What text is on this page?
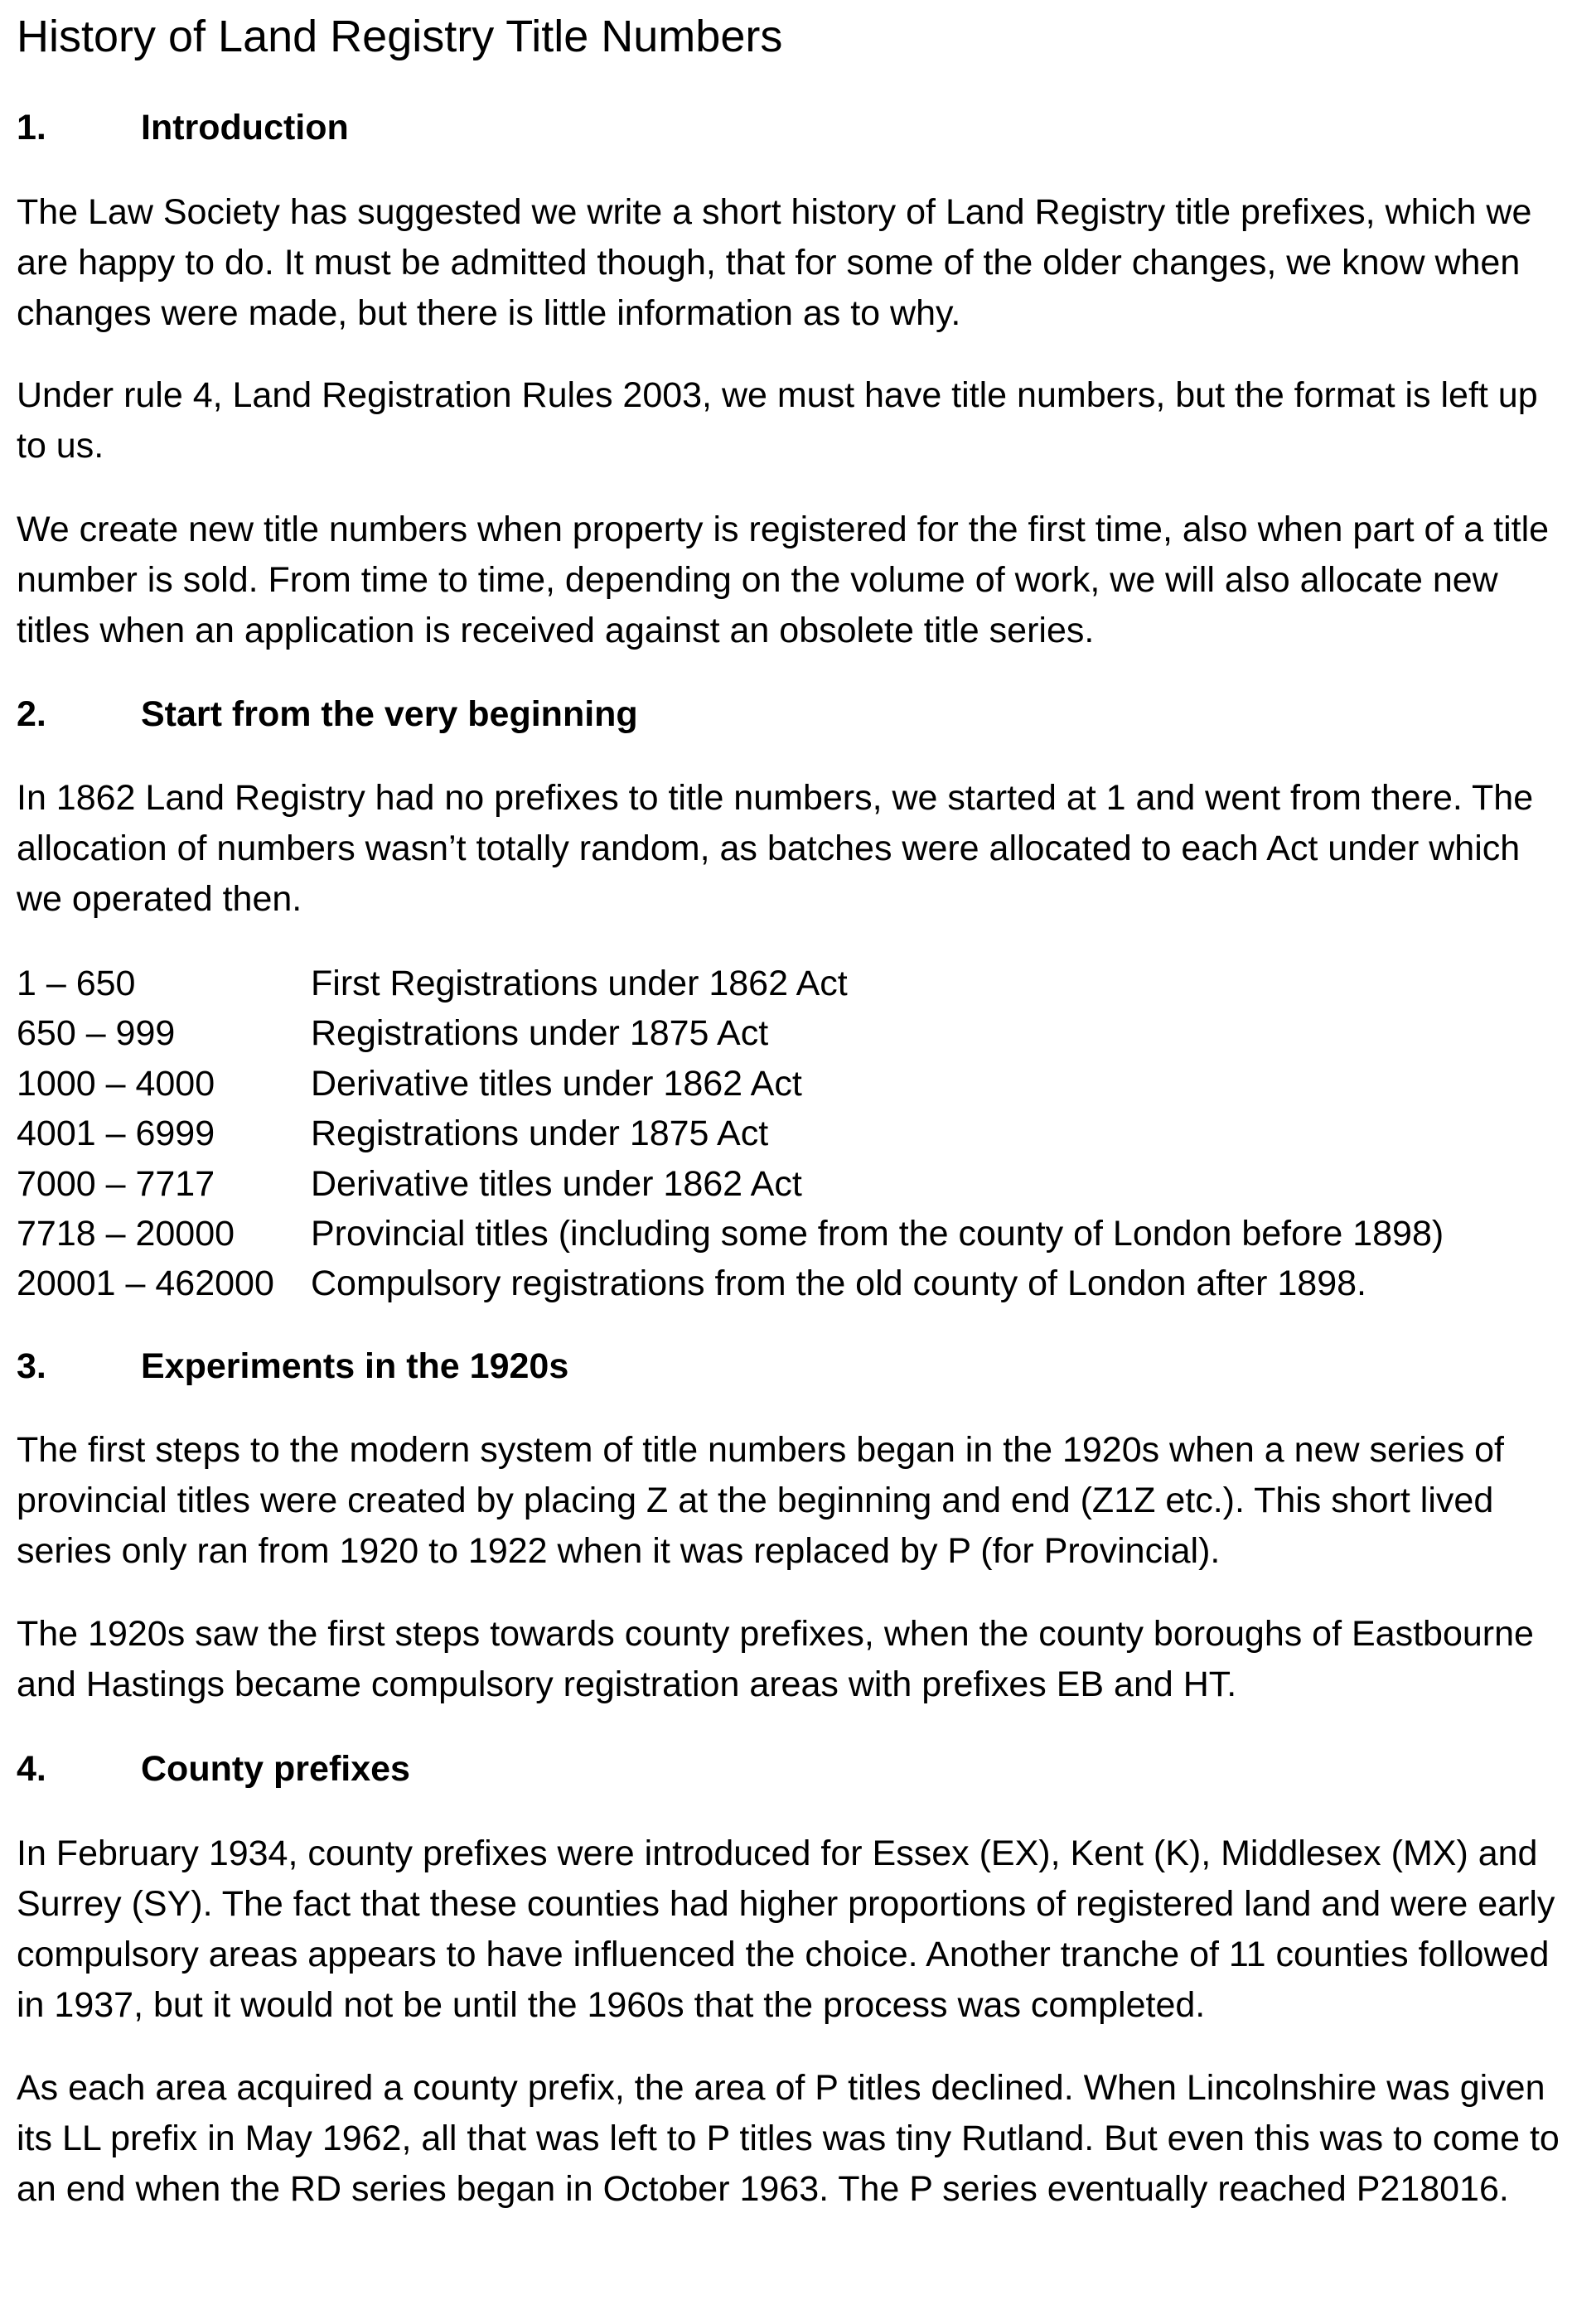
History of Land Registry Title Numbers
1.	Introduction

The Law Society has suggested we write a short history of Land Registry title prefixes, which we are happy to do. It must be admitted though, that for some of the older changes, we know when changes were made, but there is little information as to why.

Under rule 4, Land Registration Rules 2003, we must have title numbers, but the format is left up to us.

We create new title numbers when property is registered for the first time, also when part of a title number is sold. From time to time, depending on the volume of work, we will also allocate new titles when an application is received against an obsolete title series.

2.	Start from the very beginning

In 1862 Land Registry had no prefixes to title numbers, we started at 1 and went from there. The allocation of numbers wasn’t totally random, as batches were allocated to each Act under which we operated then.

1 – 650	First Registrations under 1862 Act
650 – 999	Registrations under 1875 Act
1000 – 4000	Derivative titles under 1862 Act
4001 – 6999	Registrations under 1875 Act
7000 – 7717	Derivative titles under 1862 Act
7718 – 20000	Provincial titles (including some from the county of London before 1898)
20001 – 462000	Compulsory registrations from the old county of London after 1898.
3.	Experiments in the 1920s

The first steps to the modern system of title numbers began in the 1920s when a new series of provincial titles were created by placing Z at the beginning and end (Z1Z etc.). This short lived series only ran from 1920 to 1922 when it was replaced by P (for Provincial).

The 1920s saw the first steps towards county prefixes, when the county boroughs of Eastbourne and Hastings became compulsory registration areas with prefixes EB and HT.

4.	County prefixes

In February 1934, county prefixes were introduced for Essex (EX), Kent (K), Middlesex (MX) and Surrey (SY). The fact that these counties had higher proportions of registered land and were early compulsory areas appears to have influenced the choice. Another tranche of 11 counties followed in 1937, but it would not be until the 1960s that the process was completed.

As each area acquired a county prefix, the area of P titles declined. When Lincolnshire was given its LL prefix in May 1962, all that was left to P titles was tiny Rutland. But even this was to come to an end when the RD series began in October 1963. The P series eventually reached P218016.
